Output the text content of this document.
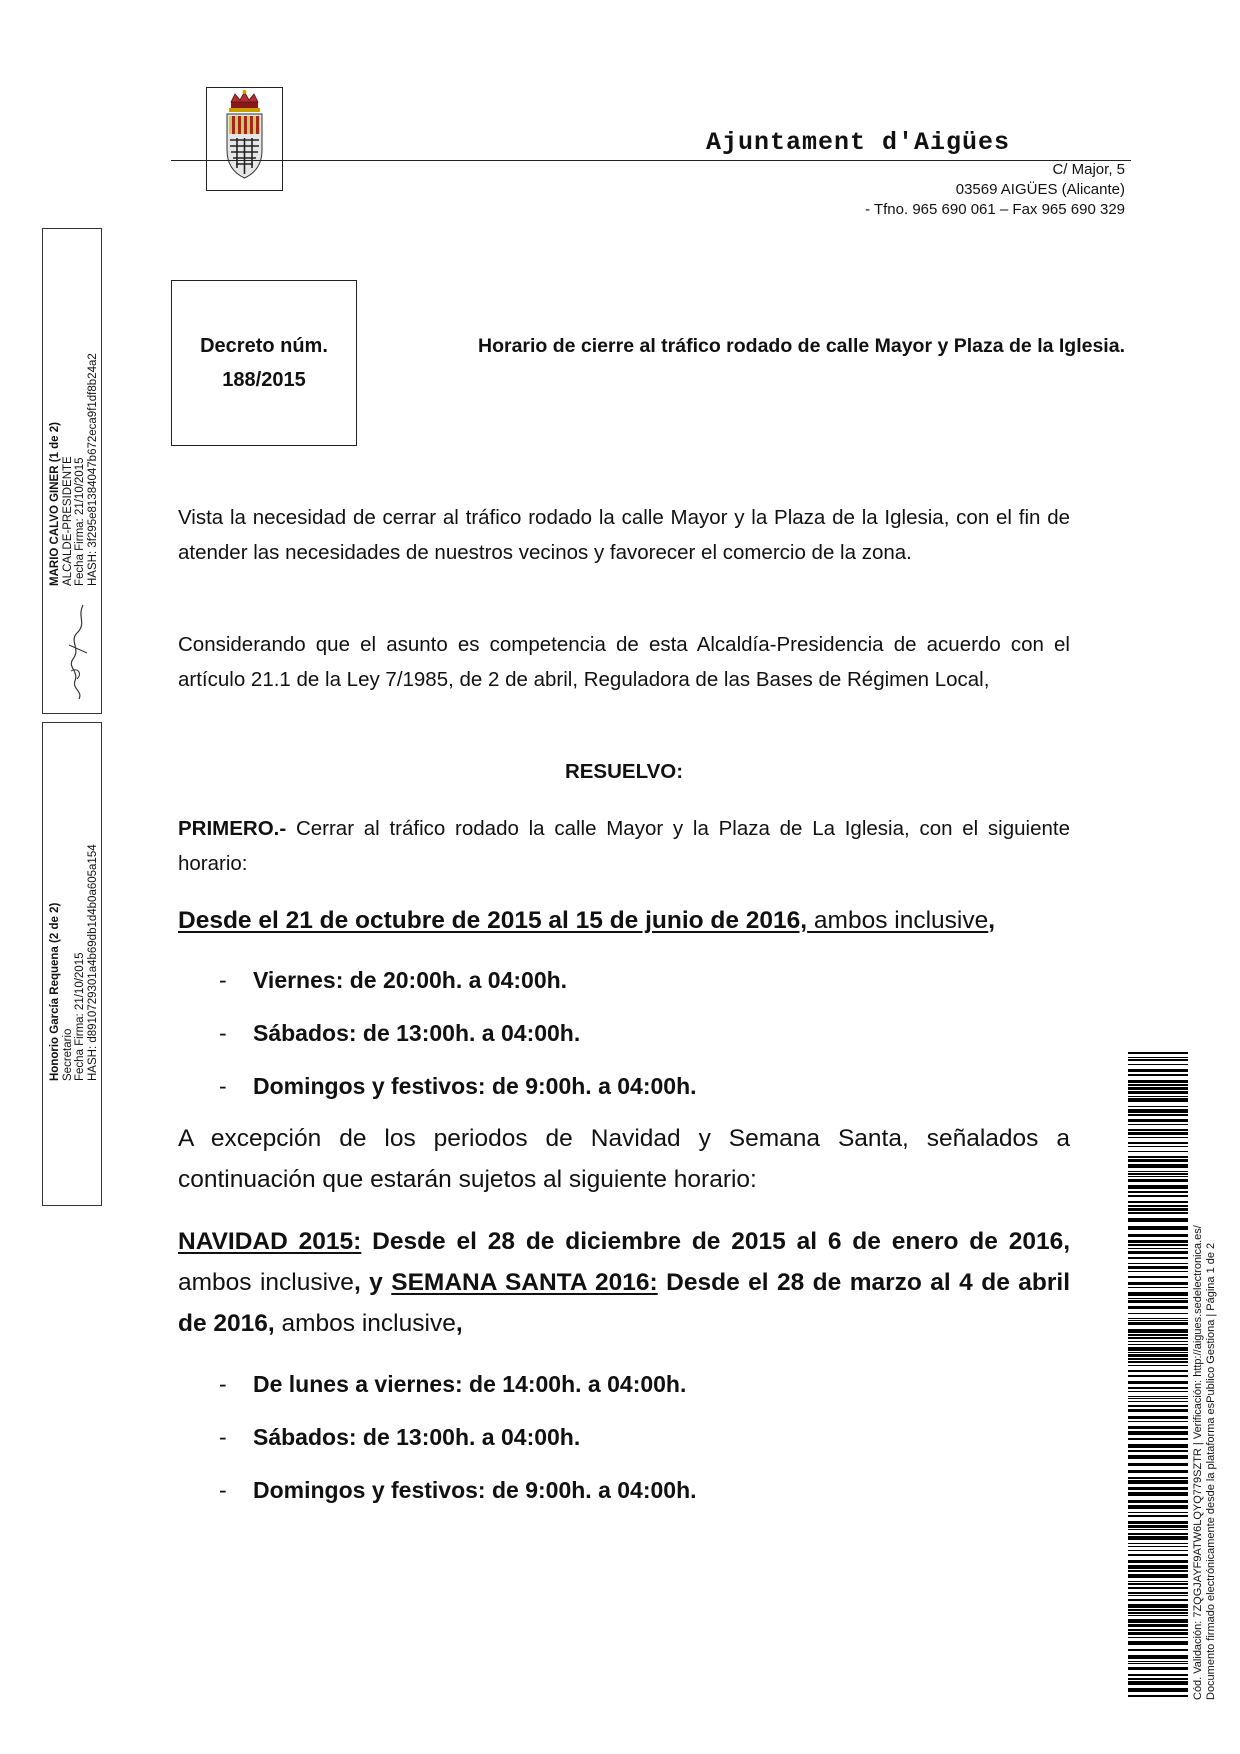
Ajuntament d'Aigües
C/ Major, 5
03569 AIGÜES (Alicante)
- Tfno. 965 690 061 – Fax 965 690 329
Decreto núm.
188/2015
Horario de cierre al tráfico rodado de calle Mayor y Plaza de la Iglesia.
Vista la necesidad de cerrar al tráfico rodado la calle Mayor y la Plaza de la Iglesia, con el fin de atender las necesidades de nuestros vecinos y favorecer el comercio de la zona.
Considerando que el asunto es competencia de esta Alcaldía-Presidencia de acuerdo con el artículo 21.1 de la Ley 7/1985, de 2 de abril, Reguladora de las Bases de Régimen Local,
RESUELVO:
PRIMERO.- Cerrar al tráfico rodado la calle Mayor y la Plaza de La Iglesia, con el siguiente horario:
Desde el 21 de octubre de 2015 al 15 de junio de 2016, ambos inclusive,
- Viernes: de 20:00h. a 04:00h.
- Sábados: de 13:00h. a 04:00h.
- Domingos y festivos: de 9:00h. a 04:00h.
A excepción de los periodos de Navidad y Semana Santa, señalados a continuación que estarán sujetos al siguiente horario:
NAVIDAD 2015: Desde el 28 de diciembre de 2015 al 6 de enero de 2016, ambos inclusive, y SEMANA SANTA 2016: Desde el 28 de marzo al 4 de abril de 2016, ambos inclusive,
- De lunes a viernes: de 14:00h. a 04:00h.
- Sábados: de 13:00h. a 04:00h.
- Domingos y festivos: de 9:00h. a 04:00h.
MARIO CALVO GINER (1 de 2) ALCALDE-PRESIDENTE Fecha Firma: 21/10/2015 HASH: 3f295e81384047b672eca9f1df8b24a2
Honorio García Requena (2 de 2) Secretario Fecha Firma: 21/10/2015 HASH: d8910729301a4b69db1d4b0a605a154
Cód. Validación: 7ZQGJAYF9ATW6LQYQ779SZTR | Verificación: http://aigues.sedelectronica.es/ Documento firmado electrónicamente desde la plataforma esPublico Gestiona | Página 1 de 2
